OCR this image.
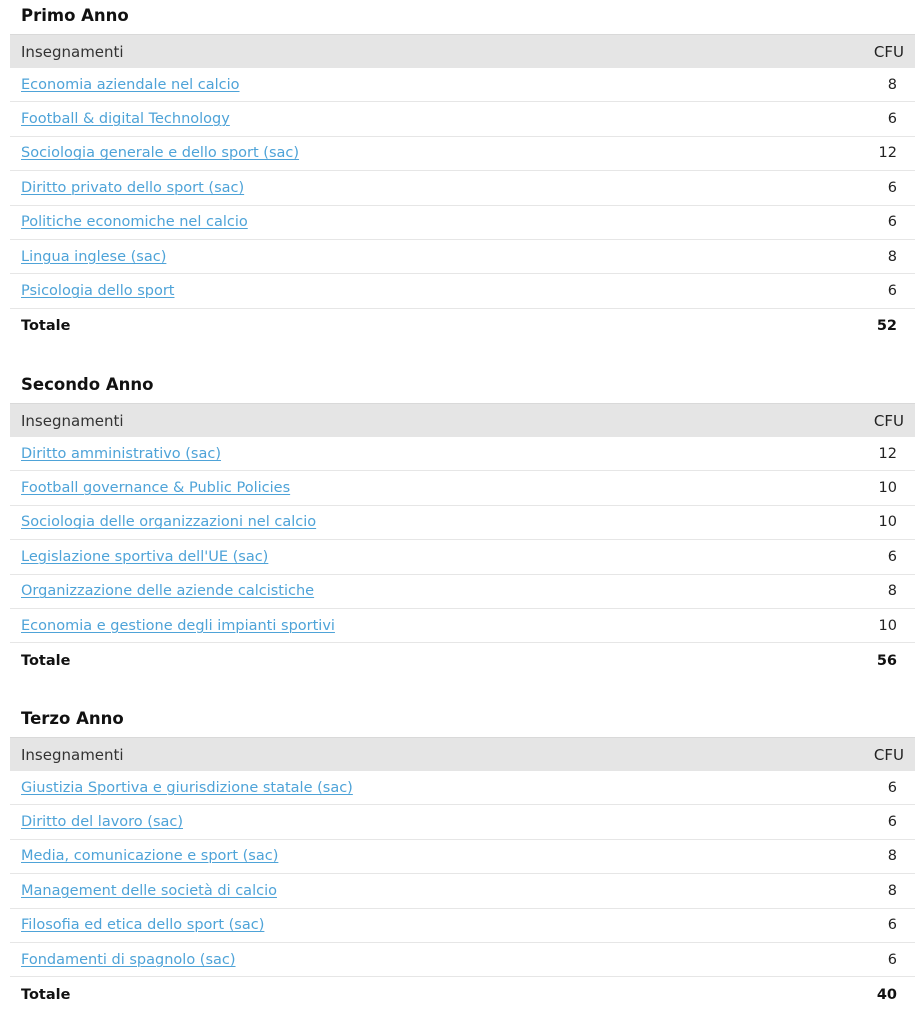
Primo Anno
Insegnamenti	CFU
Economia aziendale nel calcio	8
Football & digital Technology	6
Sociologia generale e dello sport (sac)	12
Diritto privato dello sport (sac)	6
Politiche economiche nel calcio	6
Lingua inglese (sac)	8
Psicologia dello sport	6
Totale	52
Secondo Anno
Insegnamenti	CFU
Diritto amministrativo (sac)	12
Football governance & Public Policies	10
Sociologia delle organizzazioni nel calcio	10
Legislazione sportiva dell'UE (sac)	6
Organizzazione delle aziende calcistiche	8
Economia e gestione degli impianti sportivi	10
Totale	56
Terzo Anno
Insegnamenti	CFU
Giustizia Sportiva e giurisdizione statale (sac)	6
Diritto del lavoro (sac)	6
Media, comunicazione e sport (sac)	8
Management delle società di calcio	8
Filosofia ed etica dello sport (sac)	6
Fondamenti di spagnolo (sac)	6
Totale	40
